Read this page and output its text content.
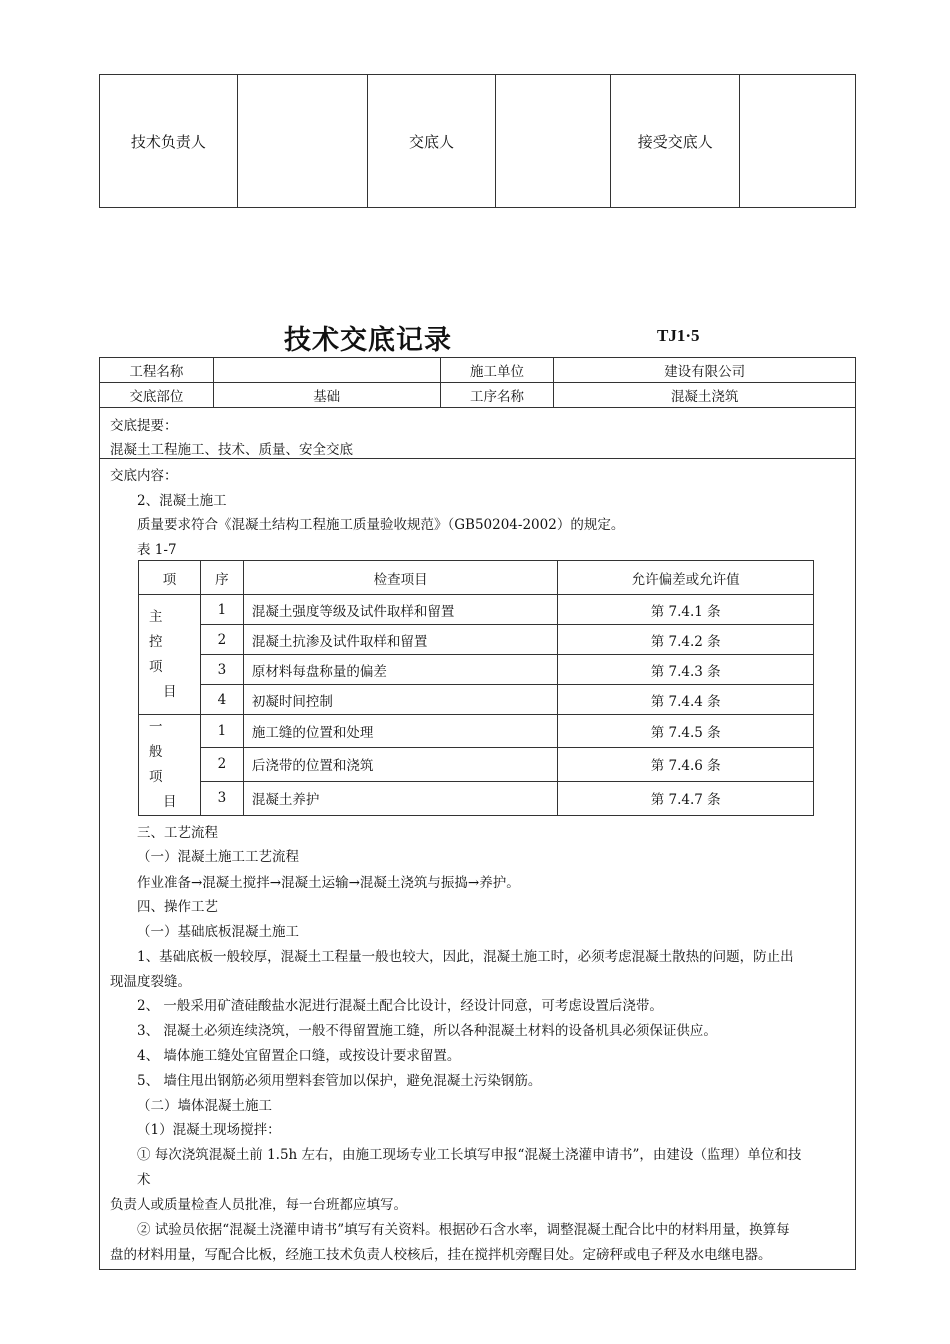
技术负责人		交底人		接受交底人	
技术交底记录	TJ1·5
工程名称		施工单位	建设有限公司
交底部位	基础	工序名称	混凝土浇筑
交底提要：
混凝土工程施工、技术、质量、安全交底
交底内容：
2、混凝土施工
质量要求符合《混凝土结构工程施工质量验收规范》（GB50204-2002）的规定。
表 1-7
三、工艺流程
（一）混凝土施工工艺流程
作业准备→混凝土搅拌→混凝土运输→混凝土浇筑与振捣→养护。
四、操作工艺
（一）基础底板混凝土施工
1、基础底板一般较厚，混凝土工程量一般也较大，因此，混凝土施工时，必须考虑混凝土散热的问题，防止出
现温度裂缝。
2、 一般采用矿渣硅酸盐水泥进行混凝土配合比设计，经设计同意，可考虑设置后浇带。
3、 混凝土必须连续浇筑，一般不得留置施工缝，所以各种混凝土材料的设备机具必须保证供应。
4、 墙体施工缝处宜留置企口缝，或按设计要求留置。
5、 墙住甩出钢筋必须用塑料套管加以保护，避免混凝土污染钢筋。
（二）墙体混凝土施工
（1）混凝土现场搅拌：
① 每次浇筑混凝土前 1.5h 左右，由施工现场专业工长填写申报“混凝土浇灌申请书”，由建设（监理）单位和技
术
负责人或质量检查人员批准，每一台班都应填写。
② 试验员依据“混凝土浇灌申请书”填写有关资料。根据砂石含水率，调整混凝土配合比中的材料用量，换算每
盘的材料用量，写配合比板，经施工技术负责人校核后，挂在搅拌机旁醒目处。定磅秤或电子秤及水电继电器。
项	序	检查项目	允许偏差或允许值

主
控
项
目	1	混凝土强度等级及试件取样和留置	第 7.4.1 条
	2	混凝土抗渗及试件取样和留置	第 7.4.2 条
	3	原材料每盘称量的偏差	第 7.4.3 条
	4	初凝时间控制	第 7.4.4 条

一
般
项
目	1	施工缝的位置和处理	第 7.4.5 条
	2	后浇带的位置和浇筑	第 7.4.6 条
	3	混凝土养护	第 7.4.7 条
